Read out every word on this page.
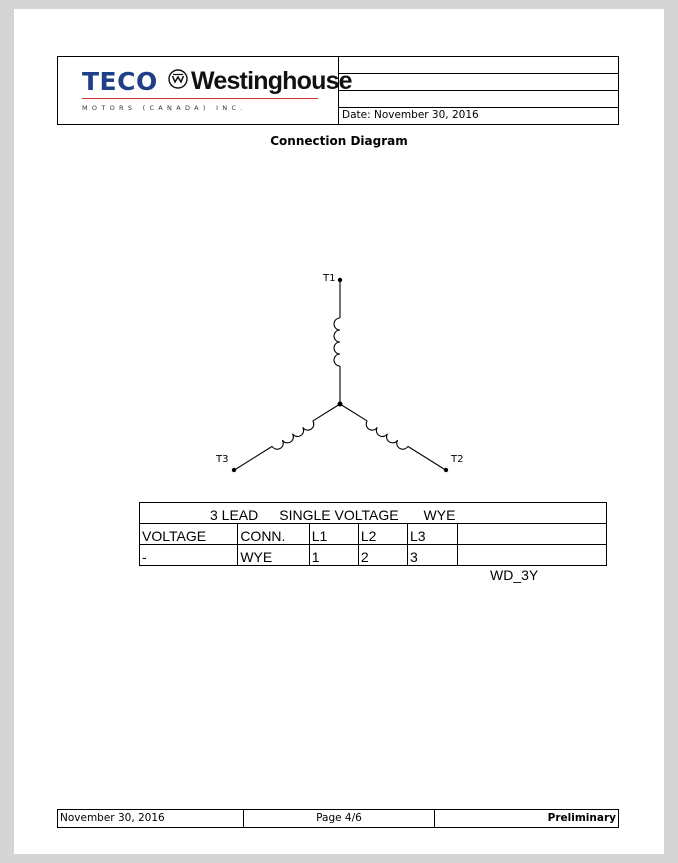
TECO Westinghouse
MOTORS (CANADA) INC.
Date: November 30, 2016
Connection Diagram
T1
T2
T3
3 LEAD SINGLE VOLTAGE WYE					
VOLTAGE	CONN.	L1	L2	L3	
-	WYE	1	2	3	
WD_3Y
November 30, 2016	Page 4/6	Preliminary
